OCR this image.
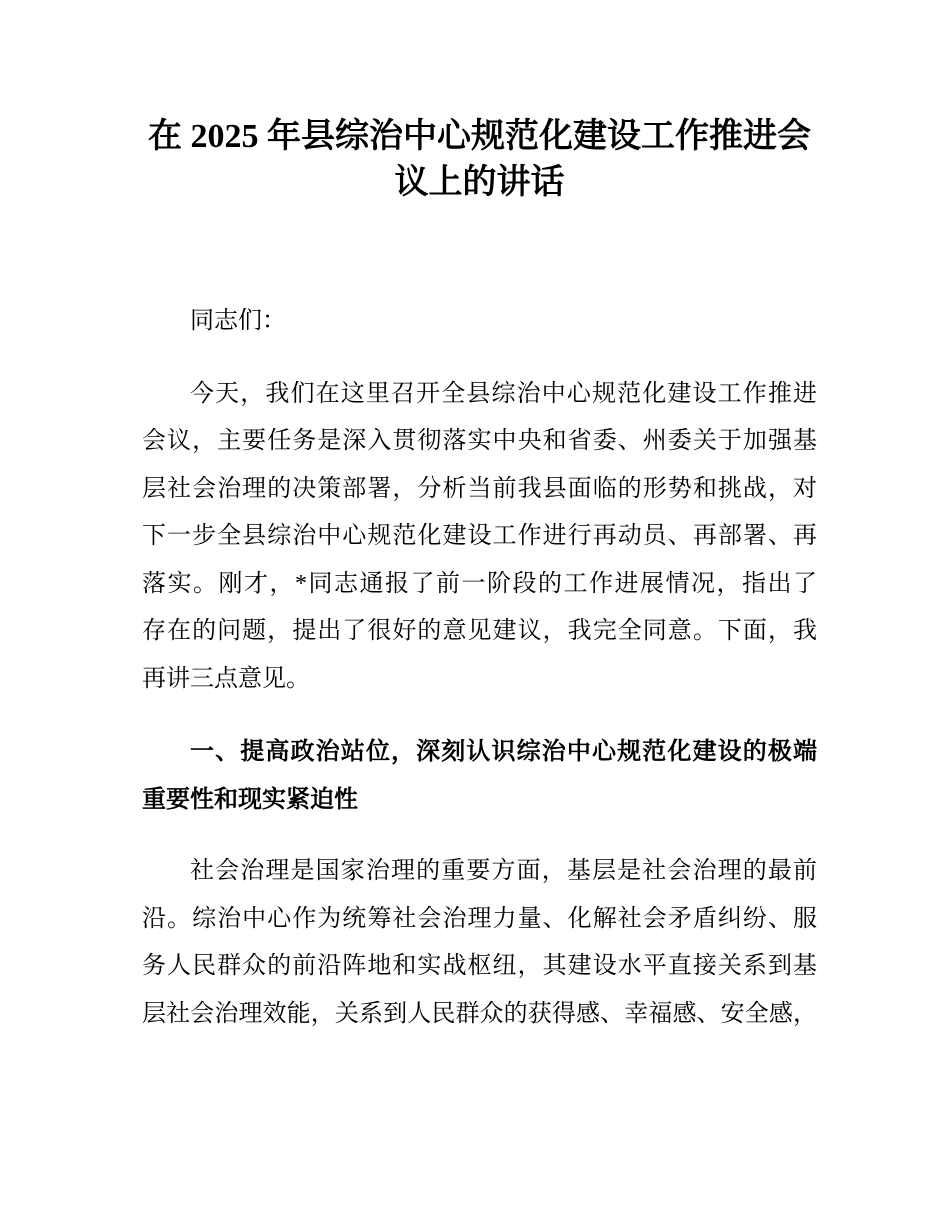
在 2025 年县综治中心规范化建设工作推进会
议上的讲话
同志们：
今天，我们在这里召开全县综治中心规范化建设工作推进
会议，主要任务是深入贯彻落实中央和省委、州委关于加强基
层社会治理的决策部署，分析当前我县面临的形势和挑战，对
下一步全县综治中心规范化建设工作进行再动员、再部署、再
落实。刚才，*同志通报了前一阶段的工作进展情况，指出了
存在的问题，提出了很好的意见建议，我完全同意。下面，我
再讲三点意见。
一、提高政治站位，深刻认识综治中心规范化建设的极端
重要性和现实紧迫性
社会治理是国家治理的重要方面，基层是社会治理的最前
沿。综治中心作为统筹社会治理力量、化解社会矛盾纠纷、服
务人民群众的前沿阵地和实战枢纽，其建设水平直接关系到基
层社会治理效能，关系到人民群众的获得感、幸福感、安全感，
